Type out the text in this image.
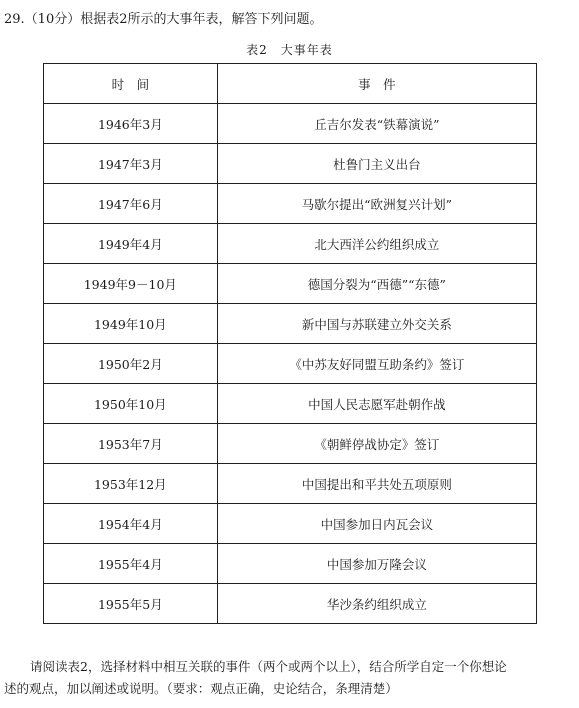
29.（10分）根据表2所示的大事年表，解答下列问题。
表2　大事年表
时　间	事　件
1946年3月	丘吉尔发表“铁幕演说”
1947年3月	杜鲁门主义出台
1947年6月	马歇尔提出“欧洲复兴计划”
1949年4月	北大西洋公约组织成立
1949年9－10月	德国分裂为“西德”“东德”
1949年10月	新中国与苏联建立外交关系
1950年2月	《中苏友好同盟互助条约》签订
1950年10月	中国人民志愿军赴朝作战
1953年7月	《朝鲜停战协定》签订
1953年12月	中国提出和平共处五项原则
1954年4月	中国参加日内瓦会议
1955年4月	中国参加万隆会议
1955年5月	华沙条约组织成立

请阅读表2，选择材料中相互关联的事件（两个或两个以上），结合所学自定一个你想论

述的观点，加以阐述或说明。（要求：观点正确，史论结合，条理清楚）
